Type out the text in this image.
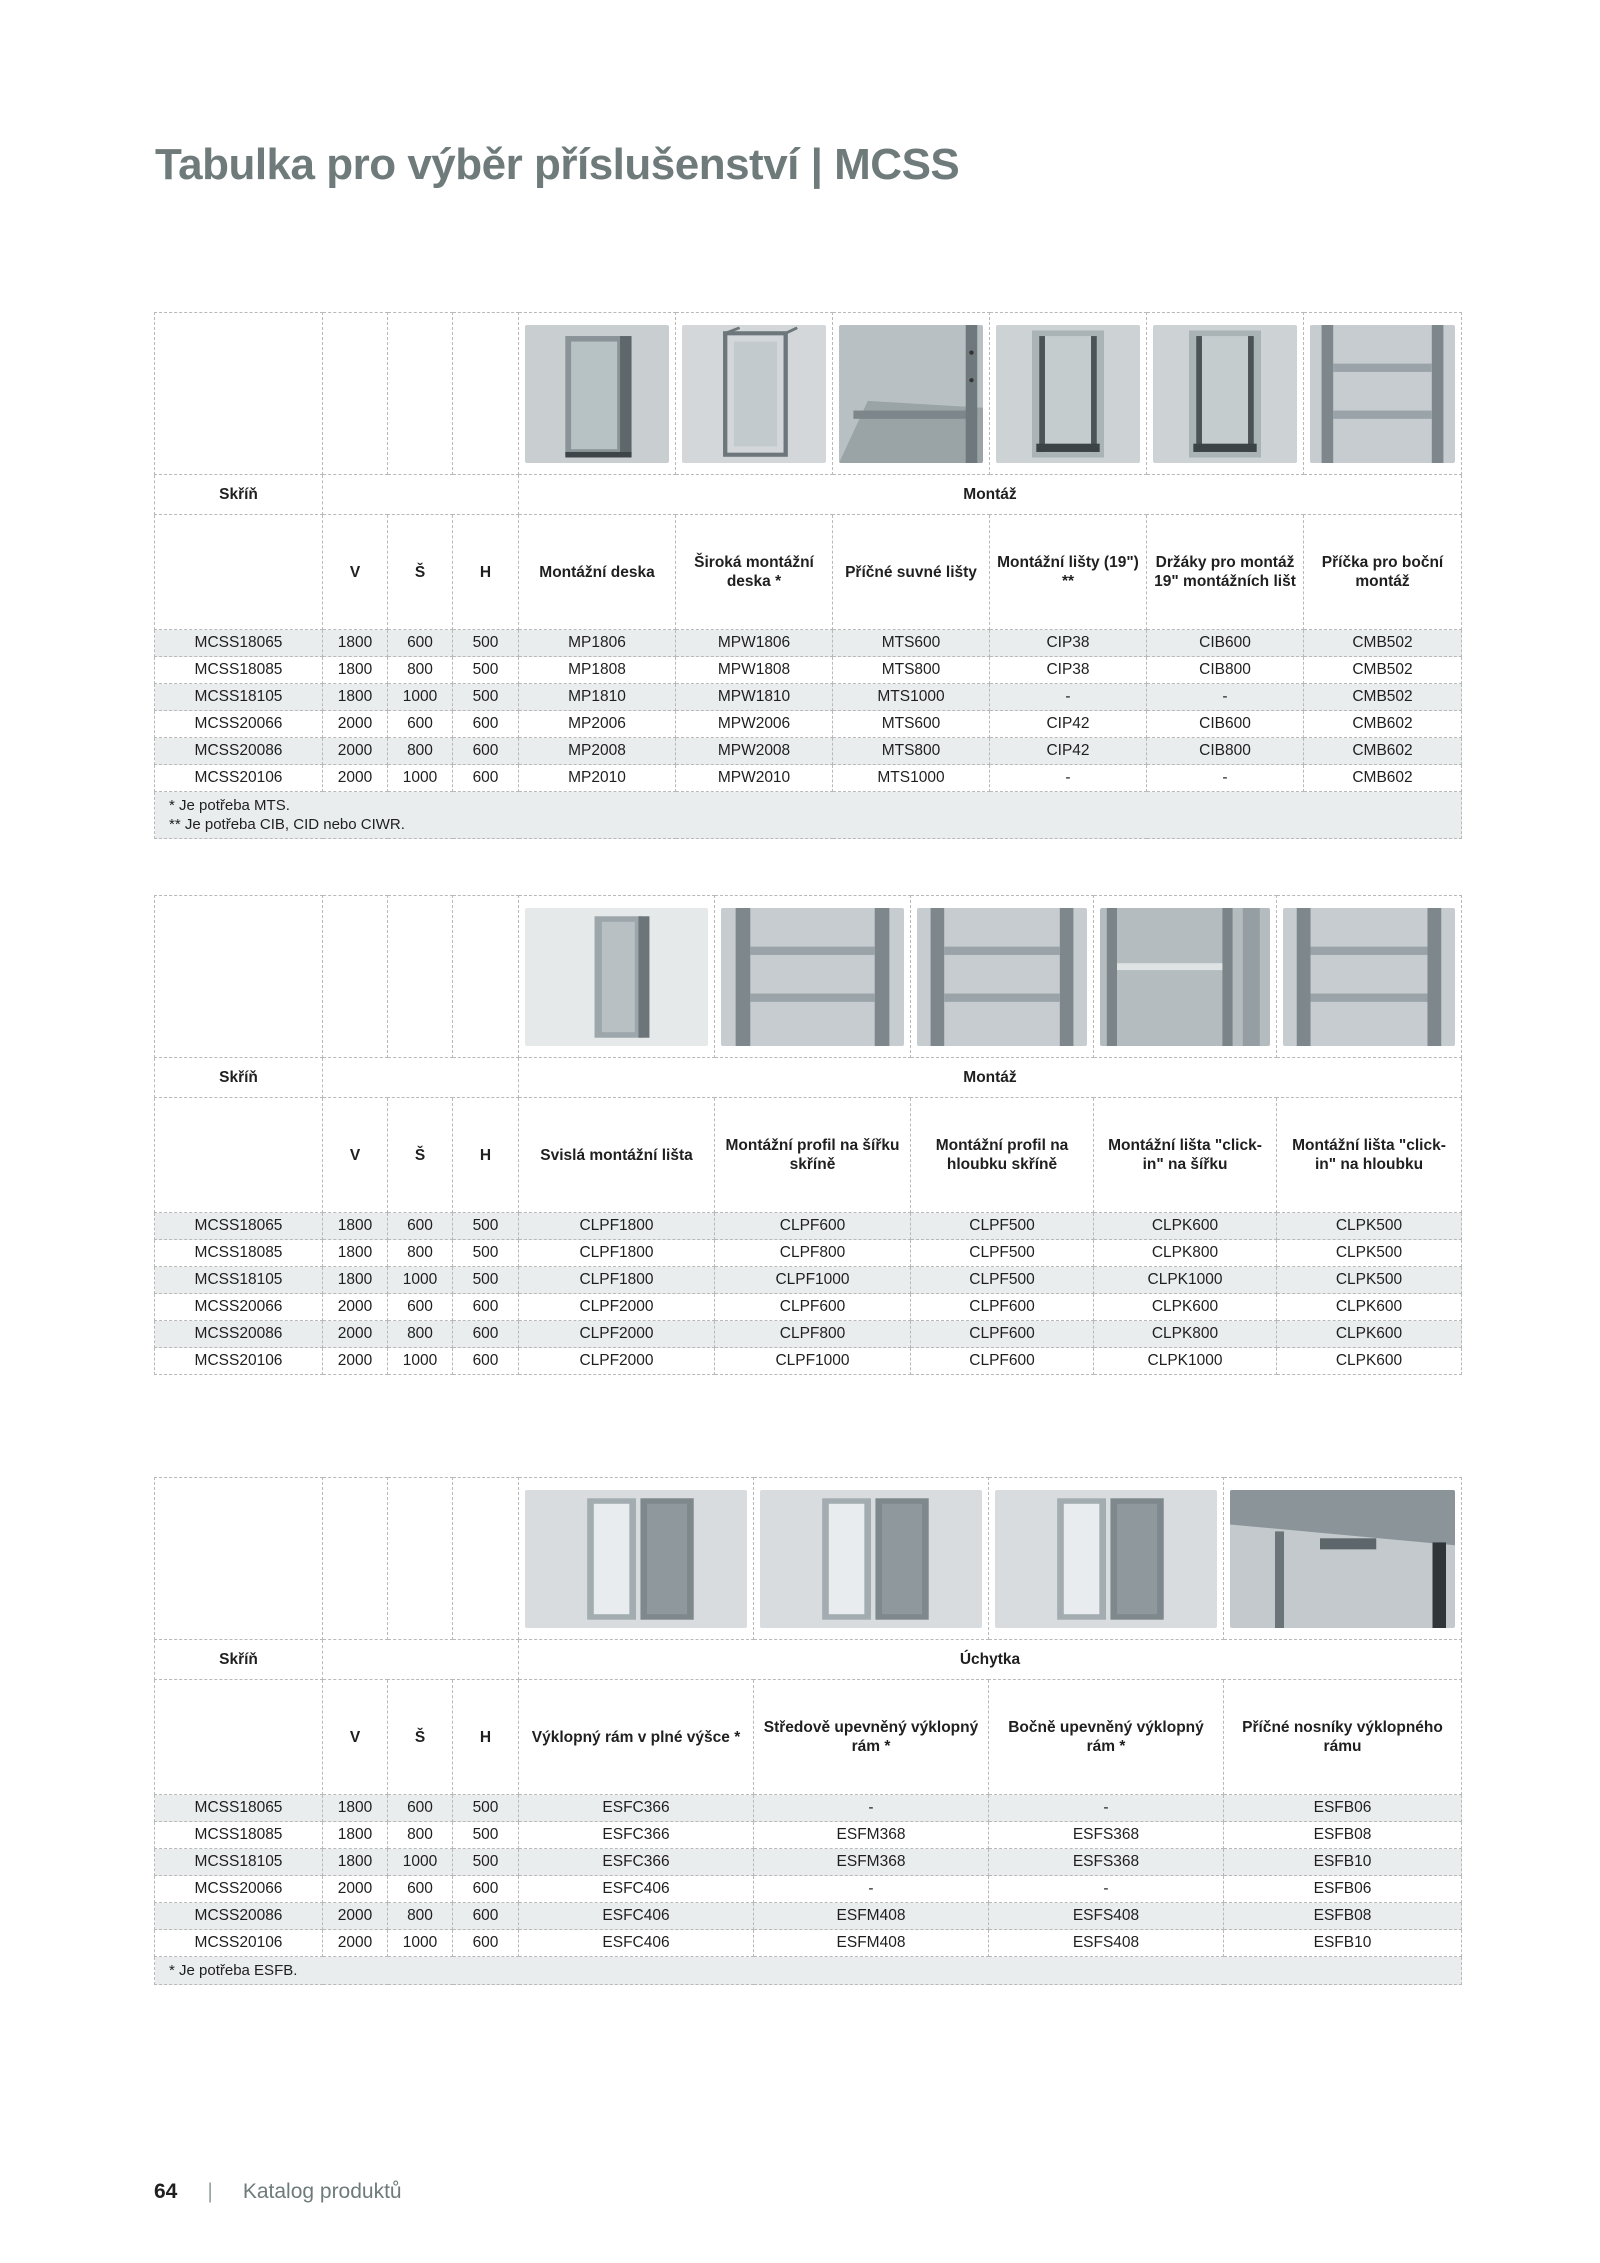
Tabulka pro výběr příslušenství | MCSS

Skříň				Montáž					
	V	Š	H	Montážní deska	Široká montážní deska *	Příčné suvné lišty	Montážní lišty (19") **	Držáky pro montáž 19" montážních lišt	Příčka pro boční montáž
MCSS18065	1800	600	500	MP1806	MPW1806	MTS600	CIP38	CIB600	CMB502
MCSS18085	1800	800	500	MP1808	MPW1808	MTS800	CIP38	CIB800	CMB502
MCSS18105	1800	1000	500	MP1810	MPW1810	MTS1000	-	-	CMB502
MCSS20066	2000	600	600	MP2006	MPW2006	MTS600	CIP42	CIB600	CMB602
MCSS20086	2000	800	600	MP2008	MPW2008	MTS800	CIP42	CIB800	CMB602
MCSS20106	2000	1000	600	MP2010	MPW2010	MTS1000	-	-	CMB602

* Je potřeba MTS.
** Je potřeba CIB, CID nebo CIWR.									

Skříň				Montáž				
	V	Š	H	Svislá montážní lišta	Montážní profil na šířku skříně	Montážní profil na hloubku skříně	Montážní lišta "click-in" na šířku	Montážní lišta "click-in" na hloubku
MCSS18065	1800	600	500	CLPF1800	CLPF600	CLPF500	CLPK600	CLPK500
MCSS18085	1800	800	500	CLPF1800	CLPF800	CLPF500	CLPK800	CLPK500
MCSS18105	1800	1000	500	CLPF1800	CLPF1000	CLPF500	CLPK1000	CLPK500
MCSS20066	2000	600	600	CLPF2000	CLPF600	CLPF600	CLPK600	CLPK600
MCSS20086	2000	800	600	CLPF2000	CLPF800	CLPF600	CLPK800	CLPK600
MCSS20106	2000	1000	600	CLPF2000	CLPF1000	CLPF600	CLPK1000	CLPK600

Skříň				Úchytka			
	V	Š	H	Výklopný rám v plné výšce *	Středově upevněný výklopný rám *	Bočně upevněný výklopný rám *	Příčné nosníky výklopného rámu
MCSS18065	1800	600	500	ESFC366	-	-	ESFB06
MCSS18085	1800	800	500	ESFC366	ESFM368	ESFS368	ESFB08
MCSS18105	1800	1000	500	ESFC366	ESFM368	ESFS368	ESFB10
MCSS20066	2000	600	600	ESFC406	-	-	ESFB06
MCSS20086	2000	800	600	ESFC406	ESFM408	ESFS408	ESFB08
MCSS20106	2000	1000	600	ESFC406	ESFM408	ESFS408	ESFB10

* Je potřeba ESFB.							
64 | Katalog produktů
